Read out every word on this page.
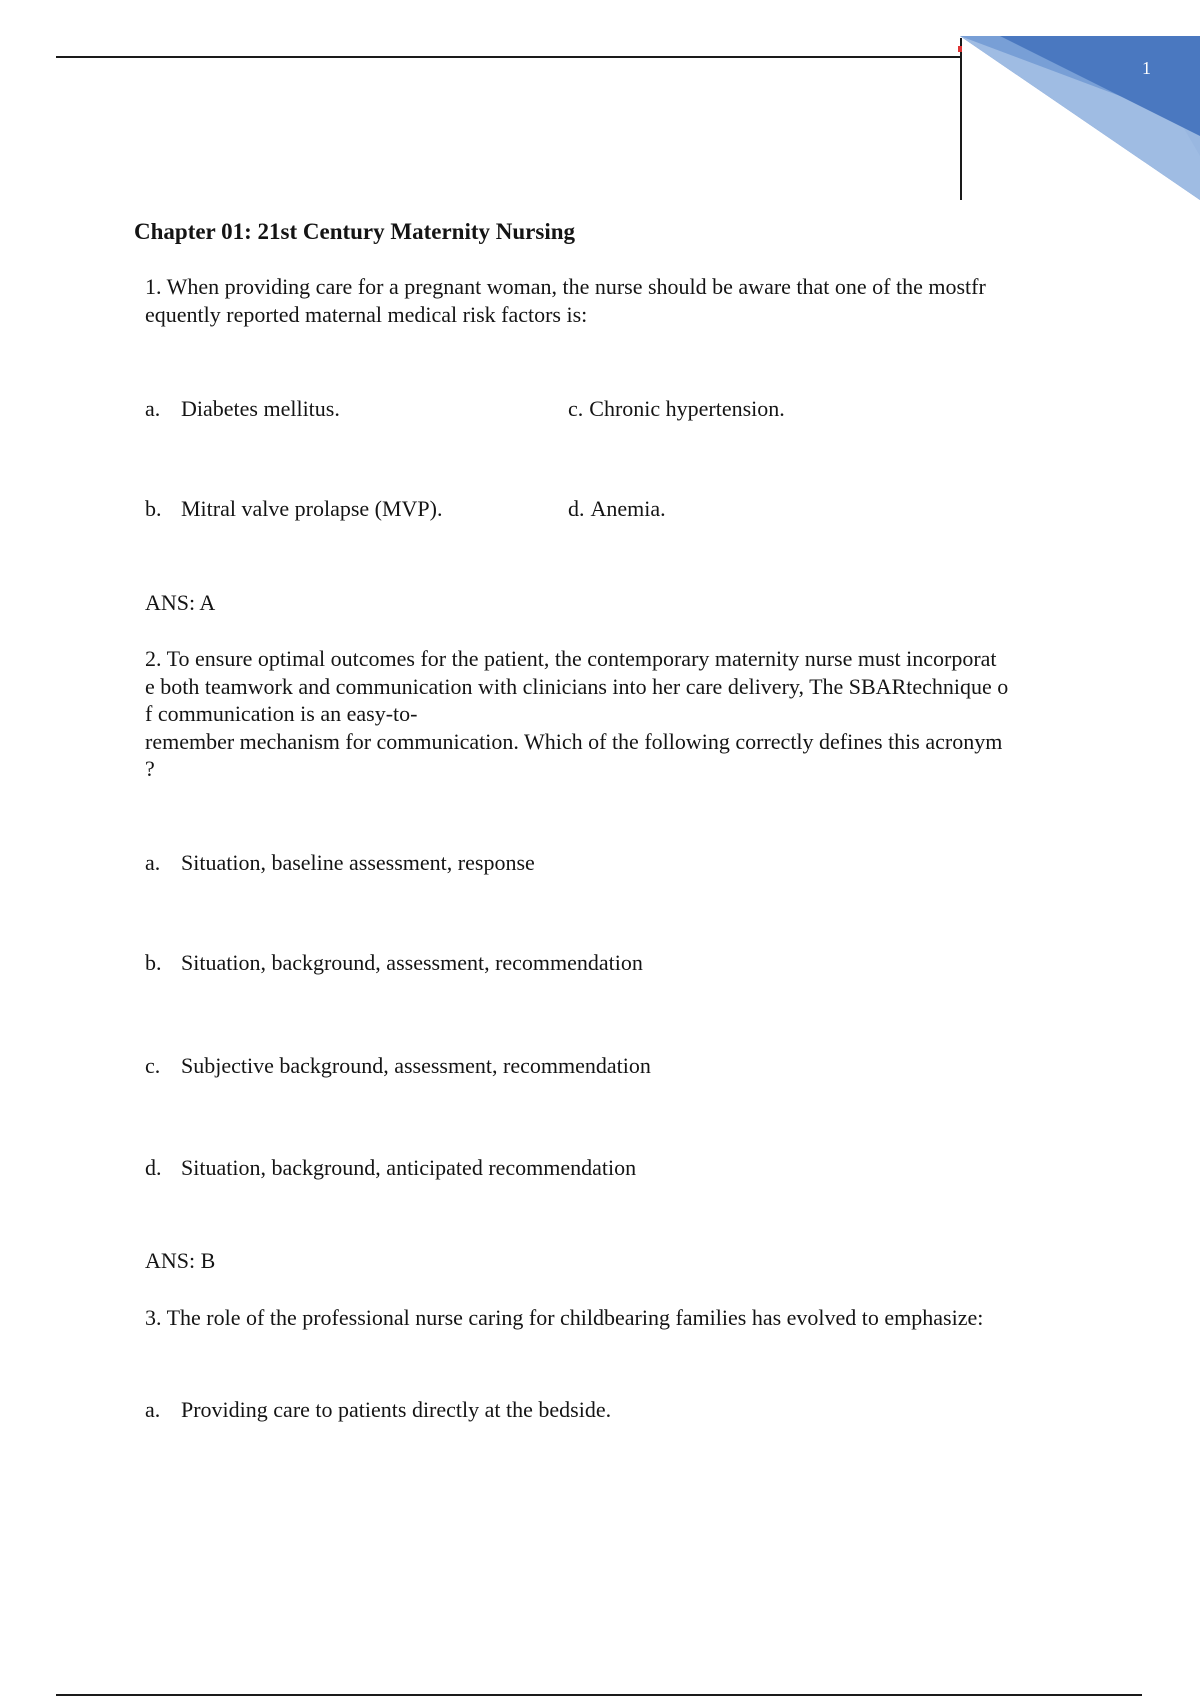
1
Chapter 01: 21st Century Maternity Nursing
1. When providing care for a pregnant woman, the nurse should be aware that one of the mostfr
equently reported maternal medical risk factors is:
a. Diabetes mellitus.	c. Chronic hypertension.
b. Mitral valve prolapse (MVP).	d. Anemia.
ANS: A
2. To ensure optimal outcomes for the patient, the contemporary maternity nurse must incorporat
e both teamwork and communication with clinicians into her care delivery, The SBARtechnique o
f communication is an easy-to-
remember mechanism for communication. Which of the following correctly defines this acronym
?
a. Situation, baseline assessment, response
b. Situation, background, assessment, recommendation
c. Subjective background, assessment, recommendation
d. Situation, background, anticipated recommendation
ANS: B
3. The role of the professional nurse caring for childbearing families has evolved to emphasize:
a. Providing care to patients directly at the bedside.
